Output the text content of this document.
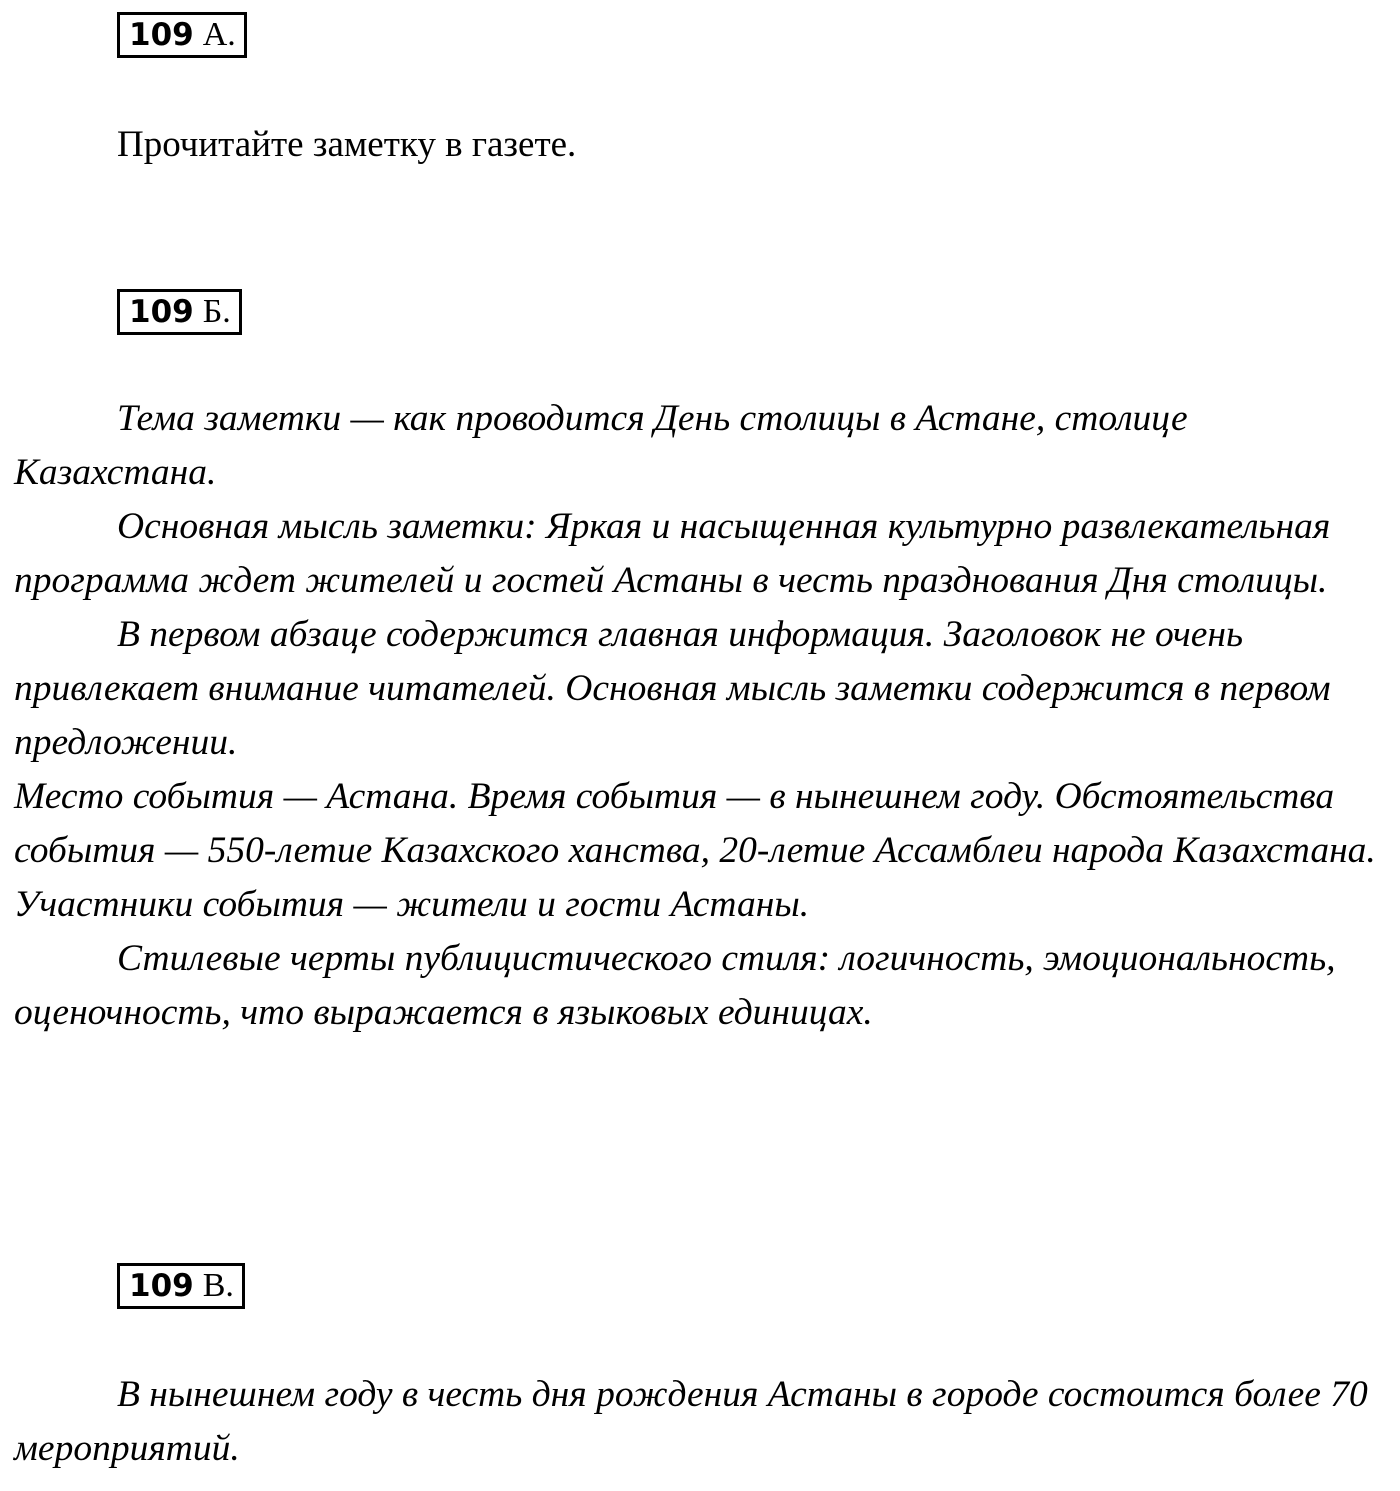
109 А.
Прочитайте заметку в газете.
109 Б.

Тема заметки — как проводится День столицы в Астане, столице Казахстана.

Основная мысль заметки: Яркая и насыщенная культурно развлекательная программа ждет жителей и гостей Астаны в честь празднования Дня столицы.

В первом абзаце содержится главная информация. Заголовок не очень привлекает внимание читателей. Основная мысль заметки содержится в первом предложении.

Место события — Астана. Время события — в нынешнем году. Обстоятельства события — 550-летие Казахского ханства, 20-летие Ассамблеи народа Казахстана. Участники события — жители и гости Астаны.

Стилевые черты публицистического стиля: логичность, эмоциональность, оценочность, что выражается в языковых единицах.

109 В.

В нынешнем году в честь дня рождения Астаны в городе состоится более 70 мероприятий.
